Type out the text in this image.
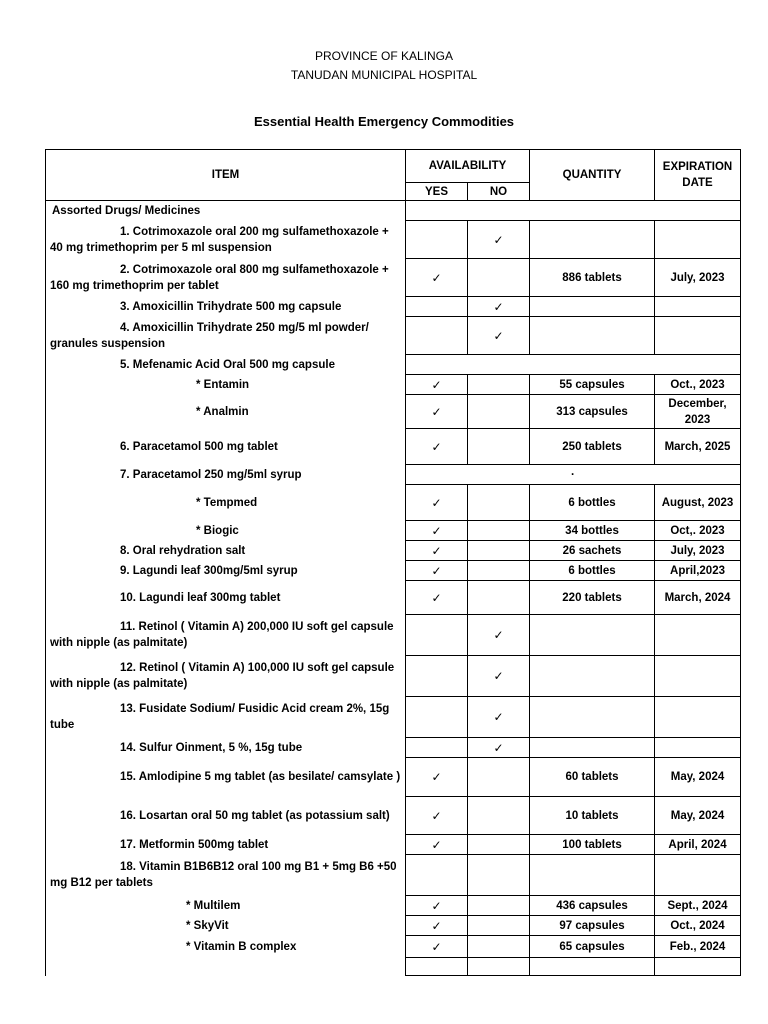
PROVINCE OF KALINGA
TANUDAN MUNICIPAL HOSPITAL
Essential Health Emergency Commodities
ITEM	AVAILABILITY		QUANTITY	EXPIRATION DATE
	YES	NO		
Assorted Drugs/ Medicines				

1. Cotrimoxazole oral 200 mg sulfamethoxazole + 40 mg trimethoprim per 5 ml suspension		✓		

2. Cotrimoxazole oral 800 mg sulfamethoxazole + 160 mg trimethoprim per tablet	✓		886 tablets	July, 2023

3. Amoxicillin Trihydrate 500 mg capsule		✓		

4. Amoxicillin Trihydrate 250 mg/5 ml powder/ granules suspension		✓		

5. Mefenamic Acid Oral 500 mg capsule				

* Entamin	✓		55 capsules	Oct., 2023
* Analmin	✓		313 capsules	December, 2023

6. Paracetamol 500 mg tablet	✓		250 tablets	March, 2025

7. Paracetamol 250 mg/5ml syrup	·			
* Tempmed	✓		6 bottles	August, 2023
* Biogic	✓		34 bottles	Oct,. 2023

8. Oral rehydration salt	✓		26 sachets	July, 2023

9. Lagundi leaf 300mg/5ml syrup	✓		6 bottles	April,2023

10. Lagundi leaf 300mg tablet	✓		220 tablets	March, 2024

11. Retinol ( Vitamin A) 200,000 IU soft gel capsule with nipple (as palmitate)		✓		

12. Retinol ( Vitamin A) 100,000 IU soft gel capsule with nipple (as palmitate)		✓		

13. Fusidate Sodium/ Fusidic Acid cream 2%, 15g tube		✓		

14. Sulfur Oinment, 5 %, 15g tube		✓		

15. Amlodipine 5 mg tablet (as besilate/ camsylate )	✓		60 tablets	May, 2024

16. Losartan oral 50 mg tablet (as potassium salt)	✓		10 tablets	May, 2024

17. Metformin 500mg tablet	✓		100 tablets	April, 2024

18. Vitamin B1B6B12 oral 100 mg B1 + 5mg B6 +50 mg B12 per tablets				

* Multilem	✓		436 capsules	Sept., 2024
* SkyVit	✓		97 capsules	Oct., 2024
* Vitamin B complex	✓		65 capsules	Feb., 2024
